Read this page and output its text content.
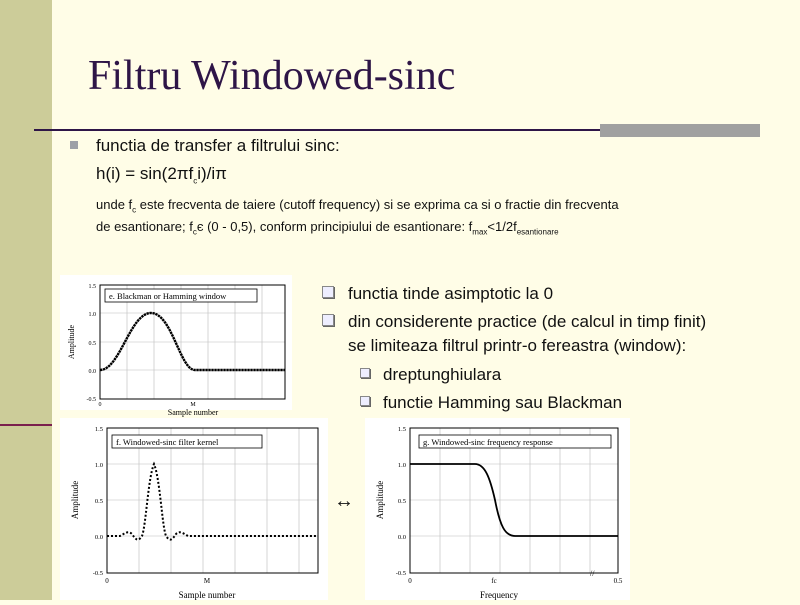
Filtru Windowed-sinc
functia de transfer a filtrului sinc:
$h(i) = \sin(2\pi f_ci)/i\pi$
unde $f_c$ este frecventa de taiere (cutoff frequency) si se exprima ca si o fractie din frecventa
de esantionare; $f_cє$ (0 - 0,5), conform principiului de esantionare: $f_{max}<1/2f_{esantionare}$
functia tinde asimptotic la 0
din considerente practice (de calcul in timp finit)
se limiteaza filtrul printr-o fereastra (window):
dreptunghiulara
functie Hamming sau Blackman
e. Blackman or Hamming window
1.5
1.0
0.5
0.0
-0.5
0	M
Sample number
Amplitude
f. Windowed-sinc filter kernel
1.5
1.0
0.5
0.0
-0.5
0	M
Sample number
Amplitude	↔
g. Windowed-sinc frequency response
1.5
1.0
0.5
0.0
-0.5
0	fc	0.5
Frequency
Amplitude
//
